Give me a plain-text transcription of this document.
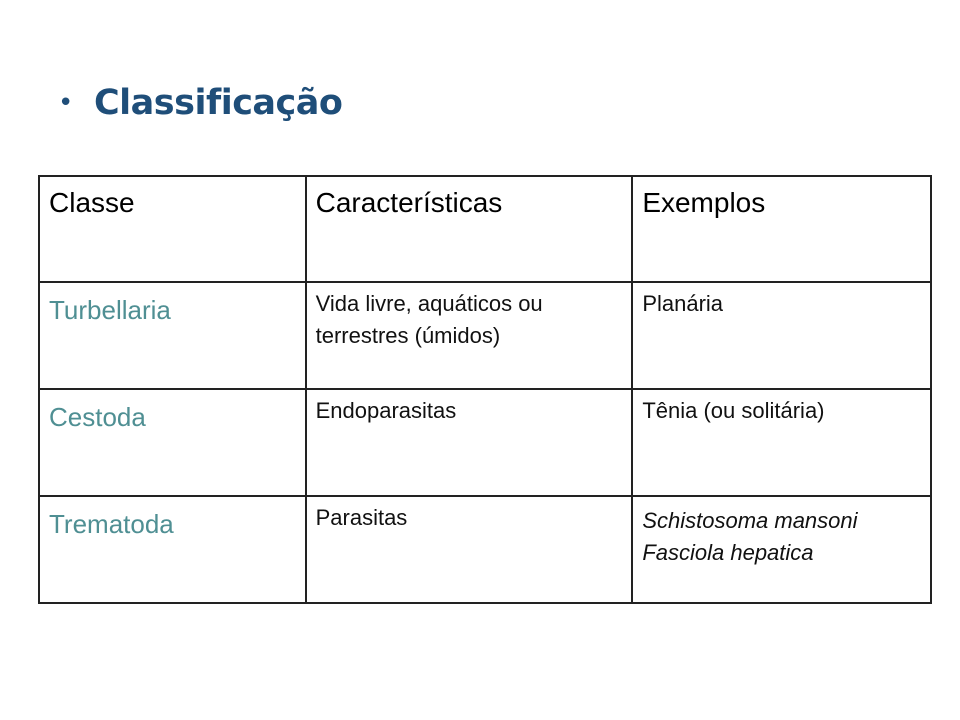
• Classificação
Classe	Características	Exemplos

Turbellaria	Vida livre, aquáticos ou terrestres (úmidos)	Planária

Cestoda	Endoparasitas	Tênia (ou solitária)

Trematoda	Parasitas	Schistosoma mansoni
Fasciola hepatica
